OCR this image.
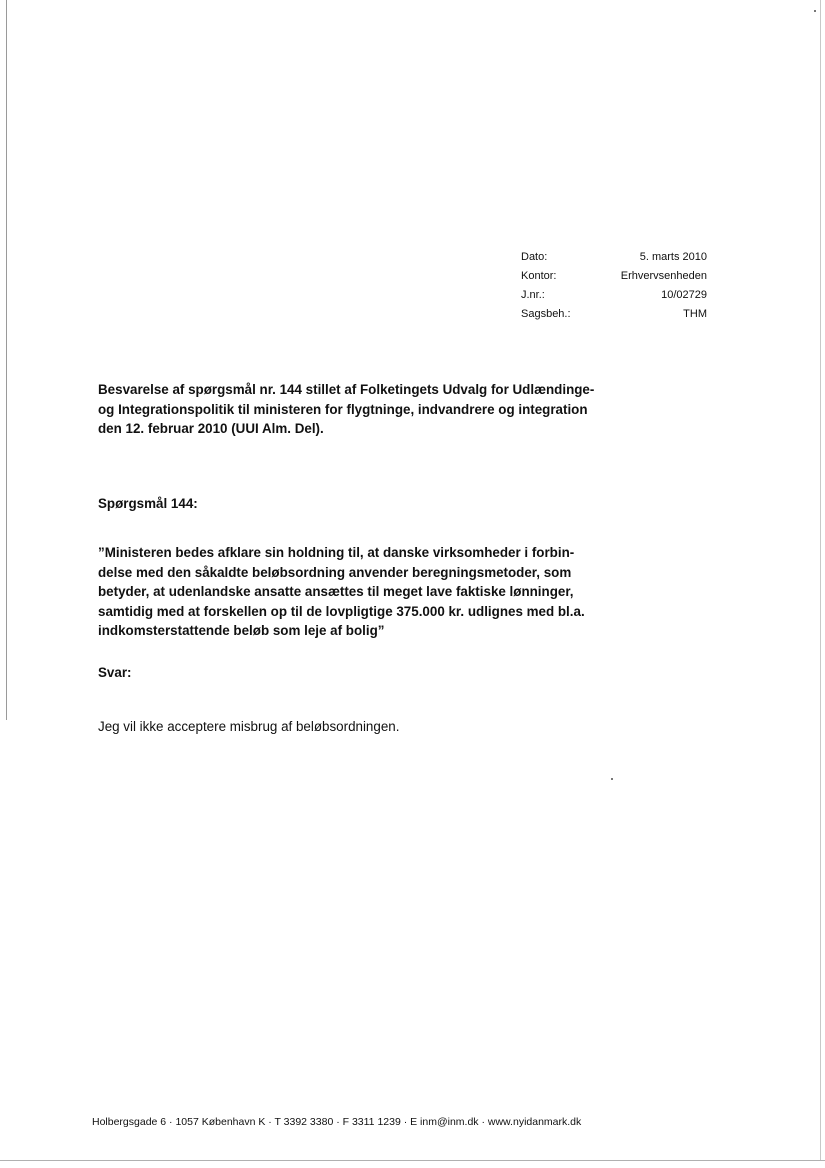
Dato:	5. marts 2010
Kontor:	Erhvervsenheden
J.nr.:	10/02729
Sagsbeh.:	THM
Besvarelse af spørgsmål nr. 144 stillet af Folketingets Udvalg for Udlændinge-
og Integrationspolitik til ministeren for flygtninge, indvandrere og integration
den 12. februar 2010 (UUI Alm. Del).
Spørgsmål 144:

”Ministeren bedes afklare sin holdning til, at danske virksomheder i forbin-
delse med den såkaldte beløbsordning anvender beregningsmetoder, som
betyder, at udenlandske ansatte ansættes til meget lave faktiske lønninger,
samtidig med at forskellen op til de lovpligtige 375.000 kr. udlignes med bl.a.
indkomsterstattende beløb som leje af bolig”

Svar:

Jeg vil ikke acceptere misbrug af beløbsordningen.

Holbergsgade 6 · 1057 København K · T 3392 3380 · F 3311 1239 · E inm@inm.dk · www.nyidanmark.dk
